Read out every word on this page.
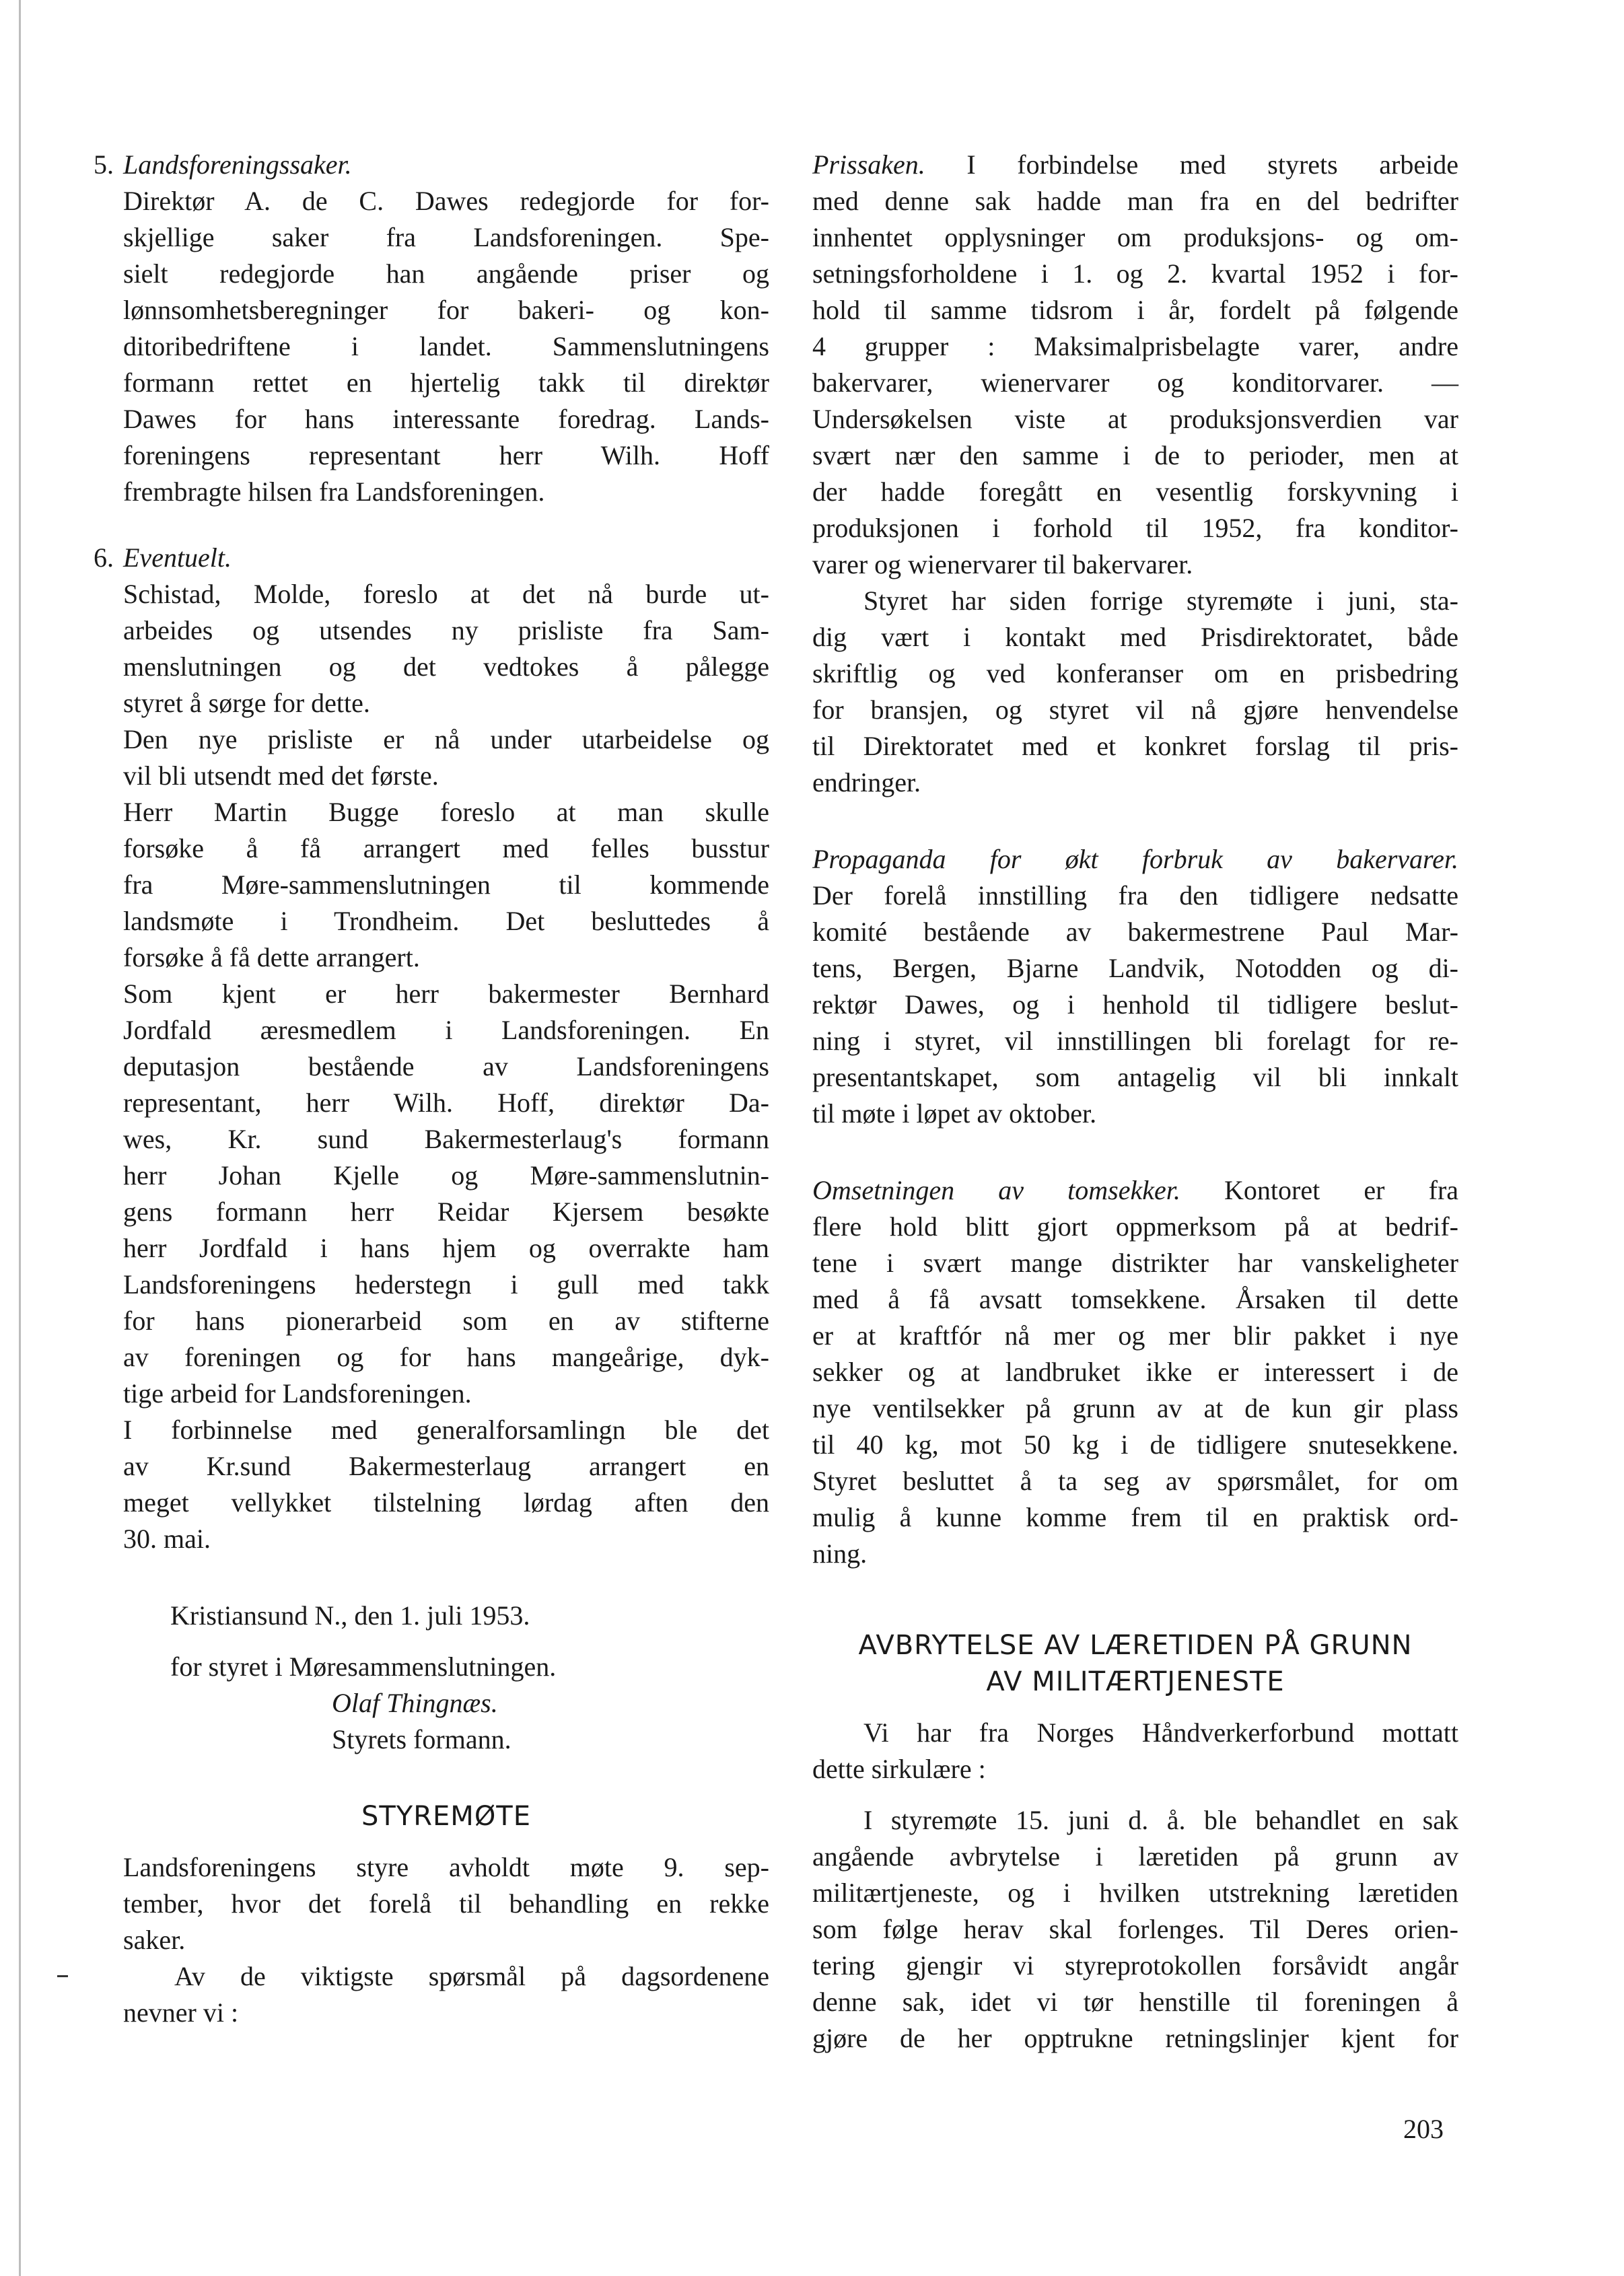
5. Landsforeningssaker.

Direktør A. de C. Dawes redegjorde for for-
skjellige saker fra Landsforeningen. Spe-
sielt redegjorde han angående priser og
lønnsomhetsberegninger for bakeri- og kon-
ditoribedriftene i landet. Sammenslutningens
formann rettet en hjertelig takk til direktør
Dawes for hans interessante foredrag. Lands-
foreningens representant herr Wilh. Hoff
frembragte hilsen fra Landsforeningen.

6. Eventuelt.

Schistad, Molde, foreslo at det nå burde ut-
arbeides og utsendes ny prisliste fra Sam-
menslutningen og det vedtokes å pålegge
styret å sørge for dette.
Den nye prisliste er nå under utarbeidelse og
vil bli utsendt med det første.
Herr Martin Bugge foreslo at man skulle
forsøke å få arrangert med felles busstur
fra Møre-sammenslutningen til kommende
landsmøte i Trondheim. Det besluttedes å
forsøke å få dette arrangert.
Som kjent er herr bakermester Bernhard
Jordfald æresmedlem i Landsforeningen. En
deputasjon bestående av Landsforeningens
representant, herr Wilh. Hoff, direktør Da-
wes, Kr. sund Bakermesterlaug's formann
herr Johan Kjelle og Møre-sammenslutnin-
gens formann herr Reidar Kjersem besøkte
herr Jordfald i hans hjem og overrakte ham
Landsforeningens hederstegn i gull med takk
for hans pionerarbeid som en av stifterne
av foreningen og for hans mangeårige, dyk-
tige arbeid for Landsforeningen.
I forbinnelse med generalforsamlingn ble det
av Kr.sund Bakermesterlaug arrangert en
meget vellykket tilstelning lørdag aften den
30. mai.

Kristiansund N., den 1. juli 1953.

for styret i Møresammenslutningen.

Olaf Thingnæs.

Styrets formann.

STYREMØTE
Landsforeningens styre avholdt møte 9. sep-
tember, hvor det forelå til behandling en rekke
saker.
Av de viktigste spørsmål på dagsordenene
nevner vi :
Prissaken. I forbindelse med styrets arbeide
med denne sak hadde man fra en del bedrifter
innhentet opplysninger om produksjons- og om-
setningsforholdene i 1. og 2. kvartal 1952 i for-
hold til samme tidsrom i år, fordelt på følgende
4 grupper : Maksimalprisbelagte varer, andre
bakervarer, wienervarer og konditorvarer. —
Undersøkelsen viste at produksjonsverdien var
svært nær den samme i de to perioder, men at
der hadde foregått en vesentlig forskyvning i
produksjonen i forhold til 1952, fra konditor-
varer og wienervarer til bakervarer.
Styret har siden forrige styremøte i juni, sta-
dig vært i kontakt med Prisdirektoratet, både
skriftlig og ved konferanser om en prisbedring
for bransjen, og styret vil nå gjøre henvendelse
til Direktoratet med et konkret forslag til pris-
endringer.
Propaganda for økt forbruk av bakervarer.
Der forelå innstilling fra den tidligere nedsatte
komité bestående av bakermestrene Paul Mar-
tens, Bergen, Bjarne Landvik, Notodden og di-
rektør Dawes, og i henhold til tidligere beslut-
ning i styret, vil innstillingen bli forelagt for re-
presentantskapet, som antagelig vil bli innkalt
til møte i løpet av oktober.
Omsetningen av tomsekker. Kontoret er fra
flere hold blitt gjort oppmerksom på at bedrif-
tene i svært mange distrikter har vanskeligheter
med å få avsatt tomsekkene. Årsaken til dette
er at kraftfór nå mer og mer blir pakket i nye
sekker og at landbruket ikke er interessert i de
nye ventilsekker på grunn av at de kun gir plass
til 40 kg, mot 50 kg i de tidligere snutesekkene.
Styret besluttet å ta seg av spørsmålet, for om
mulig å kunne komme frem til en praktisk ord-
ning.
AVBRYTELSE AV LÆRETIDEN PÅ GRUNN
AV MILITÆRTJENESTE
Vi har fra Norges Håndverkerforbund mottatt
dette sirkulære :
I styremøte 15. juni d. å. ble behandlet en sak
angående avbrytelse i læretiden på grunn av
militærtjeneste, og i hvilken utstrekning læretiden
som følge herav skal forlenges. Til Deres orien-
tering gjengir vi styreprotokollen forsåvidt angår
denne sak, idet vi tør henstille til foreningen å
gjøre de her opptrukne retningslinjer kjent for
203
